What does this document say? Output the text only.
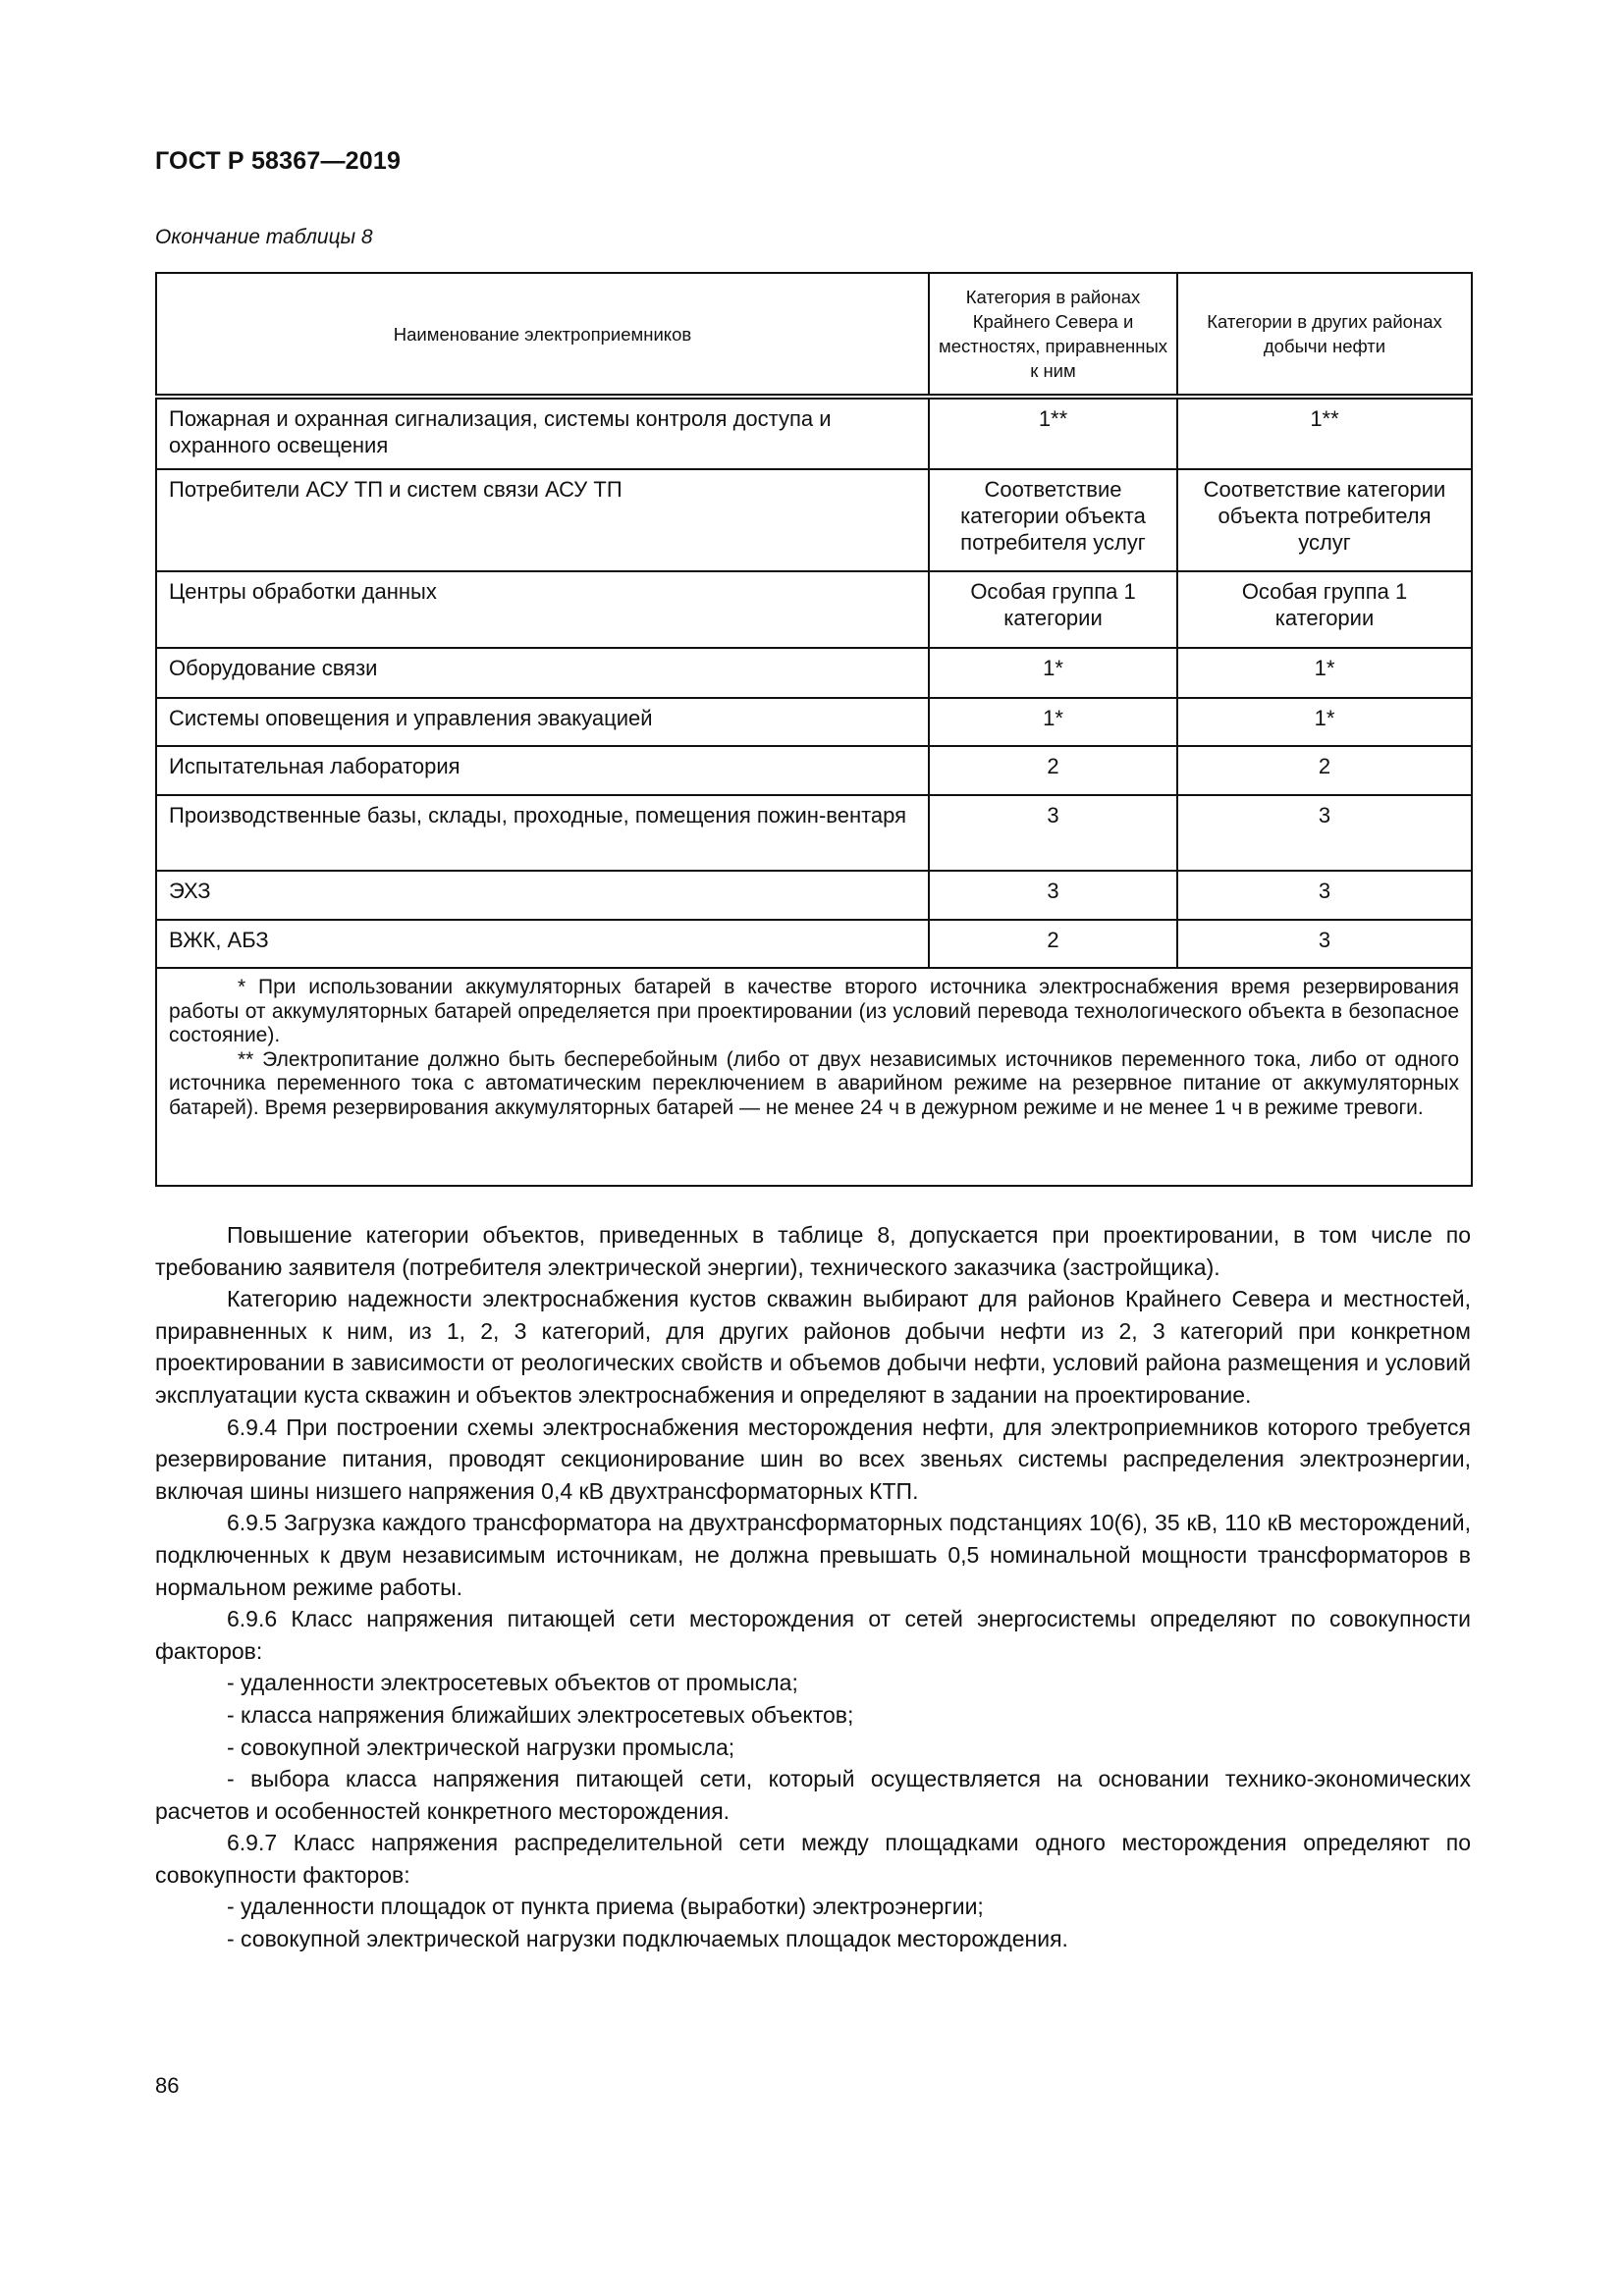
ГОСТ Р 58367—2019
Окончание таблицы 8
Наименование электроприемников	Категория в районах Крайнего Севера и местностях, приравненных к ним	Категории в других районах добычи нефти
Пожарная и охранная сигнализация, системы контроля доступа и охранного освещения	1**	1**
Потребители АСУ ТП и систем связи АСУ ТП	Соответствие категории объекта потребителя услуг	Соответствие категории объекта потребителя услуг
Центры обработки данных	Особая группа 1 категории	Особая группа 1 категории
Оборудование связи	1*	1*
Системы оповещения и управления эвакуацией	1*	1*
Испытательная лаборатория	2	2
Производственные базы, склады, проходные, помещения пожин-вентаря	3	3
ЭХЗ	3	3
ВЖК, АБЗ	2	3

* При использовании аккумуляторных батарей в качестве второго источника электроснабжения время резервирования работы от аккумуляторных батарей определяется при проектировании (из условий перевода технологического объекта в безопасное состояние).

** Электропитание должно быть бесперебойным (либо от двух независимых источников переменного тока, либо от одного источника переменного тока с автоматическим переключением в аварийном режиме на резервное питание от аккумуляторных батарей). Время резервирования аккумуляторных батарей — не менее 24 ч в дежурном режиме и не менее 1 ч в режиме тревоги.		

Повышение категории объектов, приведенных в таблице 8, допускается при проектировании, в том числе по требованию заявителя (потребителя электрической энергии), технического заказчика (застройщика).

Категорию надежности электроснабжения кустов скважин выбирают для районов Крайнего Севера и местностей, приравненных к ним, из 1, 2, 3 категорий, для других районов добычи нефти из 2, 3 категорий при конкретном проектировании в зависимости от реологических свойств и объемов добычи нефти, условий района размещения и условий эксплуатации куста скважин и объектов электроснабжения и определяют в задании на проектирование.

6.9.4 При построении схемы электроснабжения месторождения нефти, для электроприемников которого требуется резервирование питания, проводят секционирование шин во всех звеньях системы распределения электроэнергии, включая шины низшего напряжения 0,4 кВ двухтрансформаторных КТП.

6.9.5 Загрузка каждого трансформатора на двухтрансформаторных подстанциях 10(6), 35 кВ, 110 кВ месторождений, подключенных к двум независимым источникам, не должна превышать 0,5 номинальной мощности трансформаторов в нормальном режиме работы.

6.9.6 Класс напряжения питающей сети месторождения от сетей энергосистемы определяют по совокупности факторов:

- удаленности электросетевых объектов от промысла;

- класса напряжения ближайших электросетевых объектов;

- совокупной электрической нагрузки промысла;

- выбора класса напряжения питающей сети, который осуществляется на основании технико-экономических расчетов и особенностей конкретного месторождения.

6.9.7 Класс напряжения распределительной сети между площадками одного месторождения определяют по совокупности факторов:

- удаленности площадок от пункта приема (выработки) электроэнергии;

- совокупной электрической нагрузки подключаемых площадок месторождения.

86
